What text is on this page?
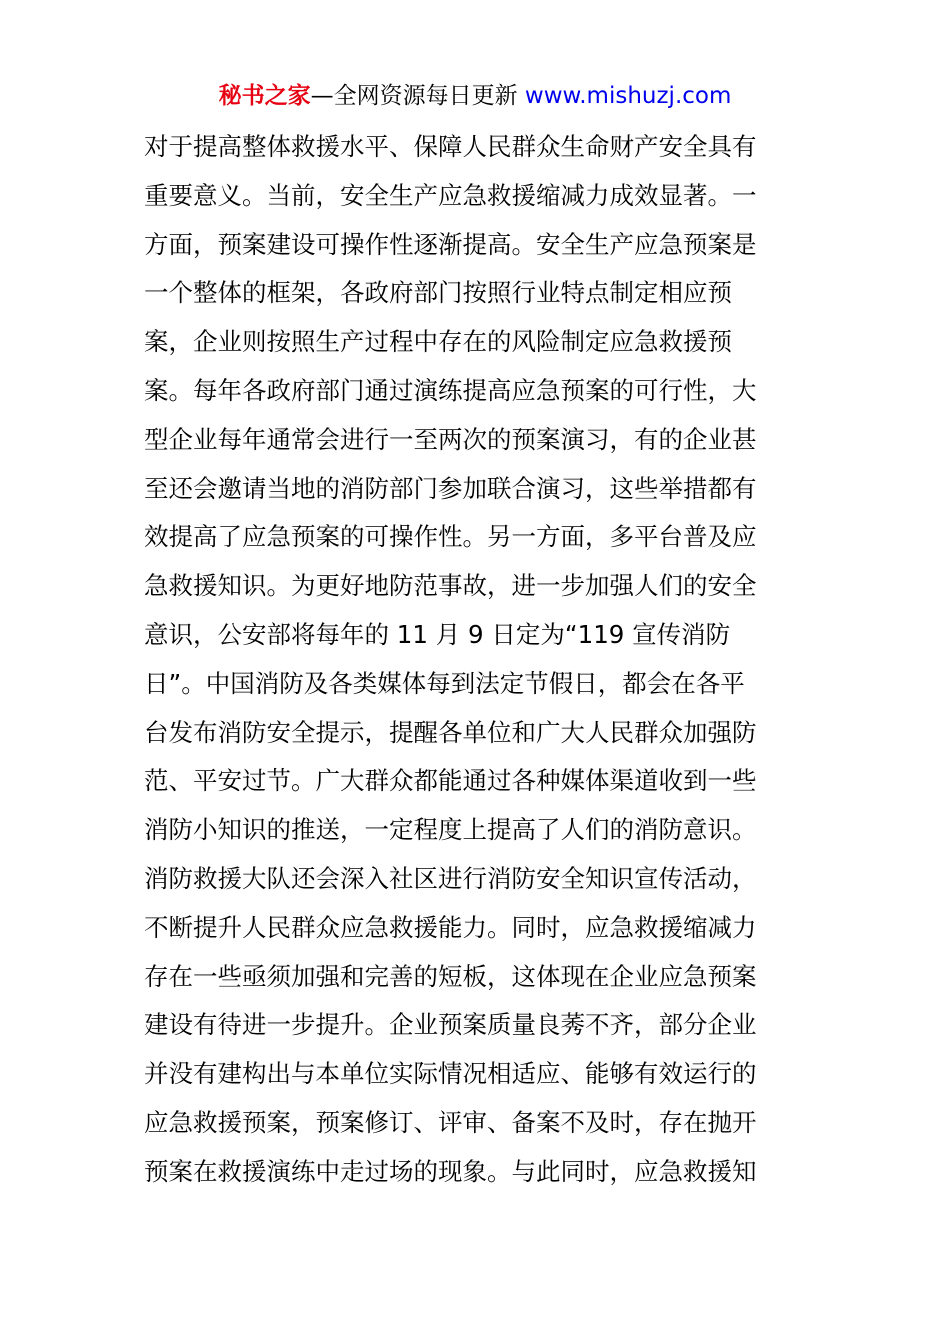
秘书之家—全网资源每日更新 www.mishuzj.com
对于提高整体救援水平、保障人民群众生命财产安全具有
重要意义。当前，安全生产应急救援缩减力成效显著。一
方面，预案建设可操作性逐渐提高。安全生产应急预案是
一个整体的框架，各政府部门按照行业特点制定相应预
案，企业则按照生产过程中存在的风险制定应急救援预
案。每年各政府部门通过演练提高应急预案的可行性，大
型企业每年通常会进行一至两次的预案演习，有的企业甚
至还会邀请当地的消防部门参加联合演习，这些举措都有
效提高了应急预案的可操作性。另一方面，多平台普及应
急救援知识。为更好地防范事故，进一步加强人们的安全
意识，公安部将每年的 11 月 9 日定为“119 宣传消防
日”。中国消防及各类媒体每到法定节假日，都会在各平
台发布消防安全提示，提醒各单位和广大人民群众加强防
范、平安过节。广大群众都能通过各种媒体渠道收到一些
消防小知识的推送，一定程度上提高了人们的消防意识。
消防救援大队还会深入社区进行消防安全知识宣传活动，
不断提升人民群众应急救援能力。同时，应急救援缩减力
存在一些亟须加强和完善的短板，这体现在企业应急预案
建设有待进一步提升。企业预案质量良莠不齐，部分企业
并没有建构出与本单位实际情况相适应、能够有效运行的
应急救援预案，预案修订、评审、备案不及时，存在抛开
预案在救援演练中走过场的现象。与此同时，应急救援知
